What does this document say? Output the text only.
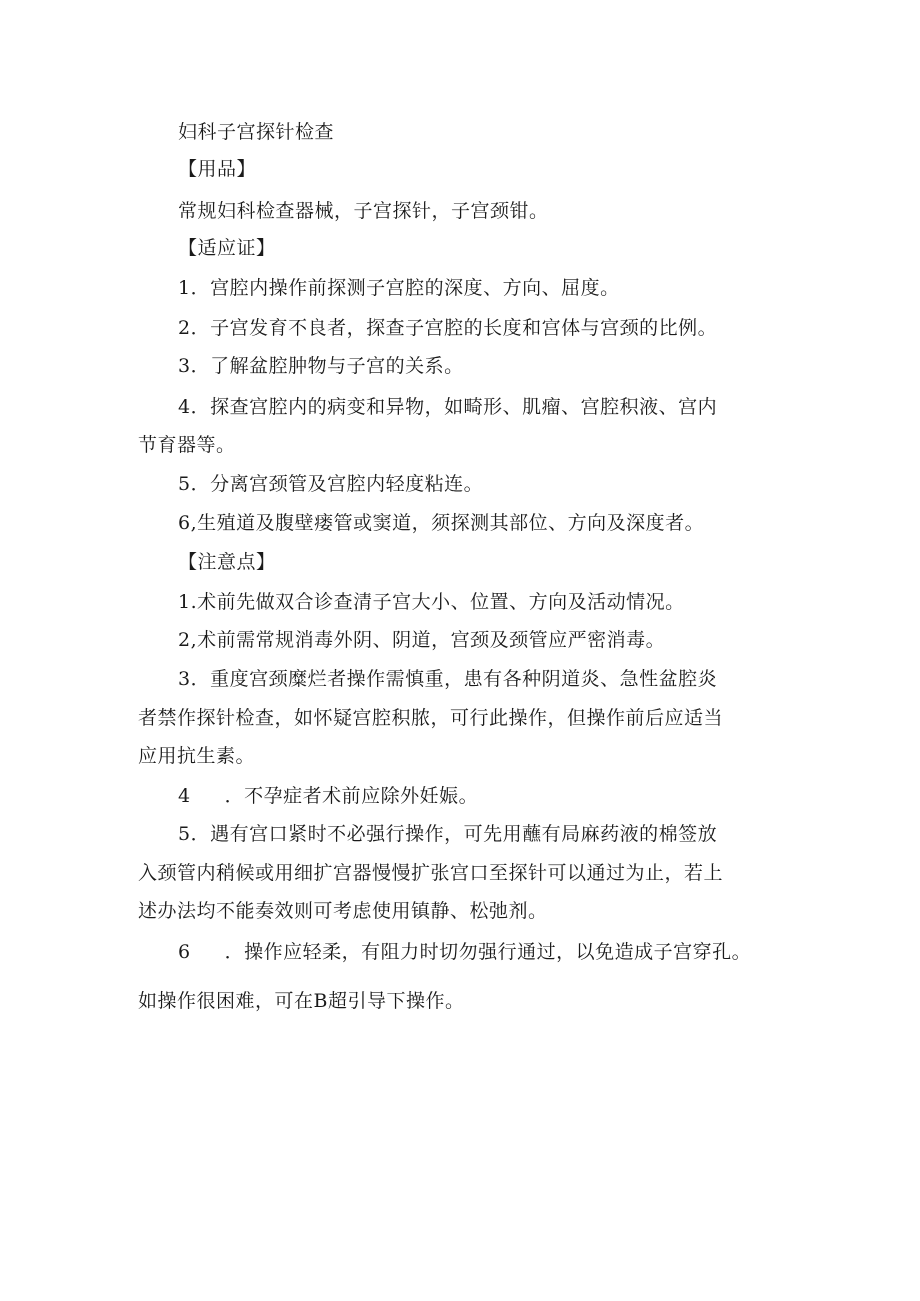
妇科子宫探针检查
【用品】
常规妇科检查器械，子宫探针，子宫颈钳。
【适应证】
1．宫腔内操作前探测子宫腔的深度、方向、屈度。
2．子宫发育不良者，探查子宫腔的长度和宫体与宫颈的比例。
3．了解盆腔肿物与子宫的关系。
4．探查宫腔内的病变和异物，如畸形、肌瘤、宫腔积液、宫内
节育器等。
5．分离宫颈管及宫腔内轻度粘连。
6,生殖道及腹壁瘘管或窦道，须探测其部位、方向及深度者。
【注意点】
1.术前先做双合诊查清子宫大小、位置、方向及活动情况。
2,术前需常规消毒外阴、阴道，宫颈及颈管应严密消毒。
3．重度宫颈糜烂者操作需慎重，患有各种阴道炎、急性盆腔炎
者禁作探针检查，如怀疑宫腔积脓，可行此操作，但操作前后应适当
应用抗生素。
4 ．不孕症者术前应除外妊娠。
5．遇有宫口紧时不必强行操作，可先用蘸有局麻药液的棉签放
入颈管内稍候或用细扩宫器慢慢扩张宫口至探针可以通过为止，若上
述办法均不能奏效则可考虑使用镇静、松弛剂。
6 ．操作应轻柔，有阻力时切勿强行通过，以免造成子宫穿孔。
如操作很困难，可在B超引导下操作。
